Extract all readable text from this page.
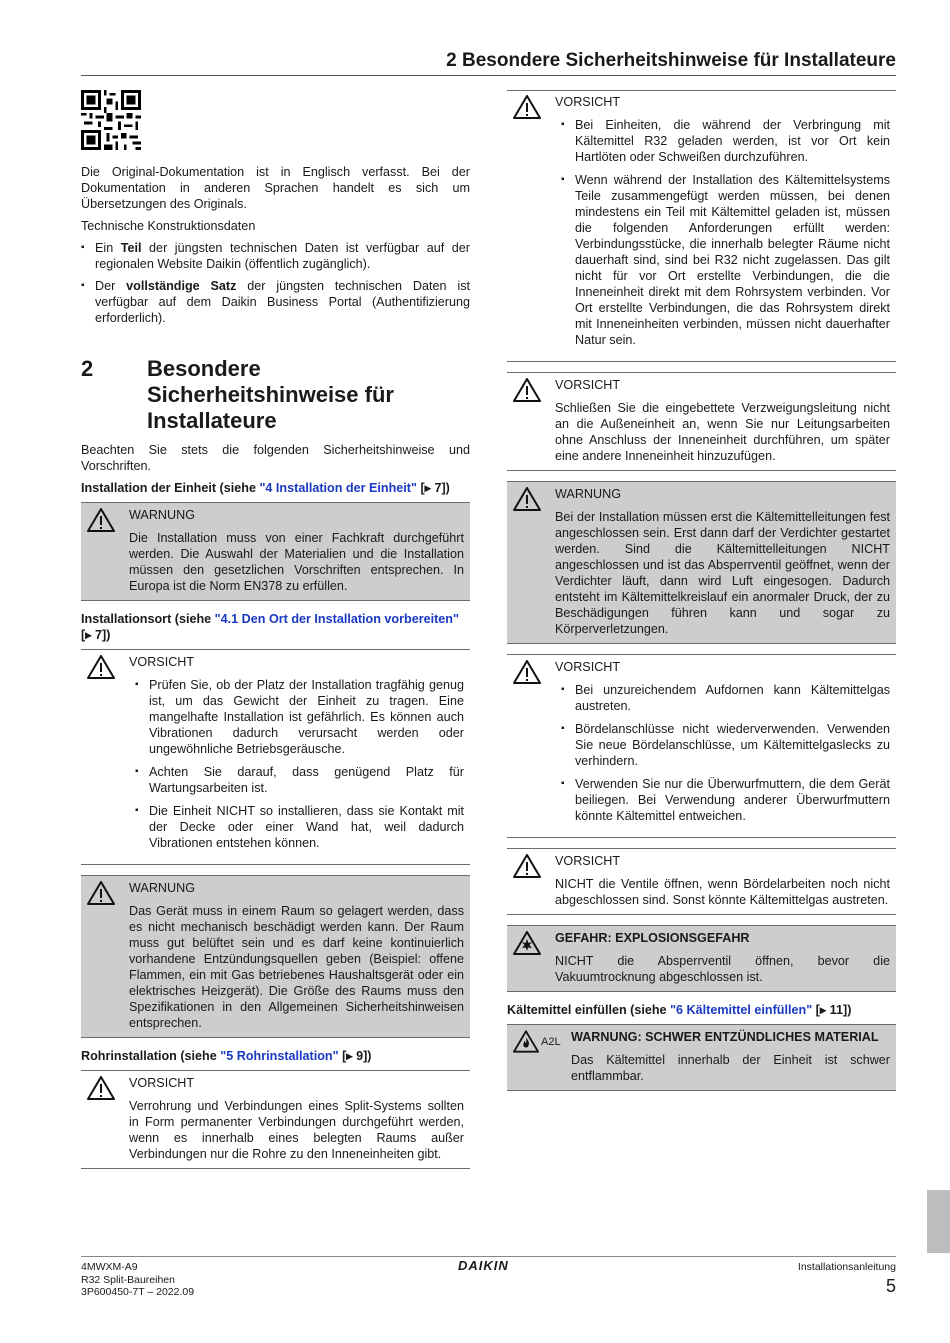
2 Besondere Sicherheitshinweise für Installateure

Die Original-Dokumentation ist in Englisch verfasst. Bei der Dokumentation in anderen Sprachen handelt es sich um Übersetzungen des Originals.

Technische Konstruktionsdaten
▪ Ein Teil der jüngsten technischen Daten ist verfügbar auf der regionalen Website Daikin (öffentlich zugänglich).
▪ Der vollständige Satz der jüngsten technischen Daten ist verfügbar auf dem Daikin Business Portal (Authentifizierung erforderlich).
2	Besondere Sicherheitshinweise für Installateure

Beachten Sie stets die folgenden Sicherheitshinweise und Vorschriften.

Installation der Einheit (siehe "4 Installation der Einheit" [▸ 7])
WARNUNG
Die Installation muss von einer Fachkraft durchgeführt werden. Die Auswahl der Materialien und die Installation müssen den gesetzlichen Vorschriften entsprechen. In Europa ist die Norm EN378 zu erfüllen.
Installationsort (siehe "4.1 Den Ort der Installation vorbereiten" [▸ 7])
VORSICHT
▪ Prüfen Sie, ob der Platz der Installation tragfähig genug ist, um das Gewicht der Einheit zu tragen. Eine mangelhafte Installation ist gefährlich. Es können auch Vibrationen dadurch verursacht werden oder ungewöhnliche Betriebsgeräusche.
▪ Achten Sie darauf, dass genügend Platz für Wartungsarbeiten ist.
▪ Die Einheit NICHT so installieren, dass sie Kontakt mit der Decke oder einer Wand hat, weil dadurch Vibrationen entstehen können.
WARNUNG
Das Gerät muss in einem Raum so gelagert werden, dass es nicht mechanisch beschädigt werden kann. Der Raum muss gut belüftet sein und es darf keine kontinuierlich vorhandene Entzündungsquellen geben (Beispiel: offene Flammen, ein mit Gas betriebenes Haushaltsgerät oder ein elektrisches Heizgerät). Die Größe des Raums muss den Spezifikationen in den Allgemeinen Sicherheitshinweisen entsprechen.
Rohrinstallation (siehe "5 Rohrinstallation" [▸ 9])
VORSICHT
Verrohrung und Verbindungen eines Split-Systems sollten in Form permanenter Verbindungen durchgeführt werden, wenn es innerhalb eines belegten Raums außer Verbindungen nur die Rohre zu den Inneneinheiten gibt.
VORSICHT
▪ Bei Einheiten, die während der Verbringung mit Kältemittel R32 geladen werden, ist vor Ort kein Hartlöten oder Schweißen durchzuführen.
▪ Wenn während der Installation des Kältemittelsystems Teile zusammengefügt werden müssen, bei denen mindestens ein Teil mit Kältemittel geladen ist, müssen die folgenden Anforderungen erfüllt werden: Verbindungsstücke, die innerhalb belegter Räume nicht dauerhaft sind, sind bei R32 nicht zugelassen. Das gilt nicht für vor Ort erstellte Verbindungen, die die Inneneinheit direkt mit dem Rohrsystem verbinden. Vor Ort erstellte Verbindungen, die das Rohrsystem direkt mit Inneneinheiten verbinden, müssen nicht dauerhafter Natur sein.
VORSICHT
Schließen Sie die eingebettete Verzweigungsleitung nicht an die Außeneinheit an, wenn Sie nur Leitungsarbeiten ohne Anschluss der Inneneinheit durchführen, um später eine andere Inneneinheit hinzuzufügen.
WARNUNG
Bei der Installation müssen erst die Kältemittelleitungen fest angeschlossen sein. Erst dann darf der Verdichter gestartet werden. Sind die Kältemittelleitungen NICHT angeschlossen und ist das Absperrventil geöffnet, wenn der Verdichter läuft, dann wird Luft eingesogen. Dadurch entsteht im Kältemittelkreislauf ein anormaler Druck, der zu Beschädigungen führen kann und sogar zu Körperverletzungen.
VORSICHT
▪ Bei unzureichendem Aufdornen kann Kältemittelgas austreten.
▪ Bördelanschlüsse nicht wiederverwenden. Verwenden Sie neue Bördelanschlüsse, um Kältemittelgaslecks zu verhindern.
▪ Verwenden Sie nur die Überwurfmuttern, die dem Gerät beiliegen. Bei Verwendung anderer Überwurfmuttern könnte Kältemittel entweichen.
VORSICHT
NICHT die Ventile öffnen, wenn Bördelarbeiten noch nicht abgeschlossen sind. Sonst könnte Kältemittelgas austreten.
GEFAHR: EXPLOSIONSGEFAHR
NICHT die Absperrventil öffnen, bevor die Vakuumtrocknung abgeschlossen ist.
Kältemittel einfüllen (siehe "6 Kältemittel einfüllen" [▸ 11])
A2L WARNUNG: SCHWER ENTZÜNDLICHES MATERIAL
Das Kältemittel innerhalb der Einheit ist schwer entflammbar.
4MWXM-A9
R32 Split-Baureihen
3P600450-7T – 2022.09
DAIKIN	Installationsanleitung
5
